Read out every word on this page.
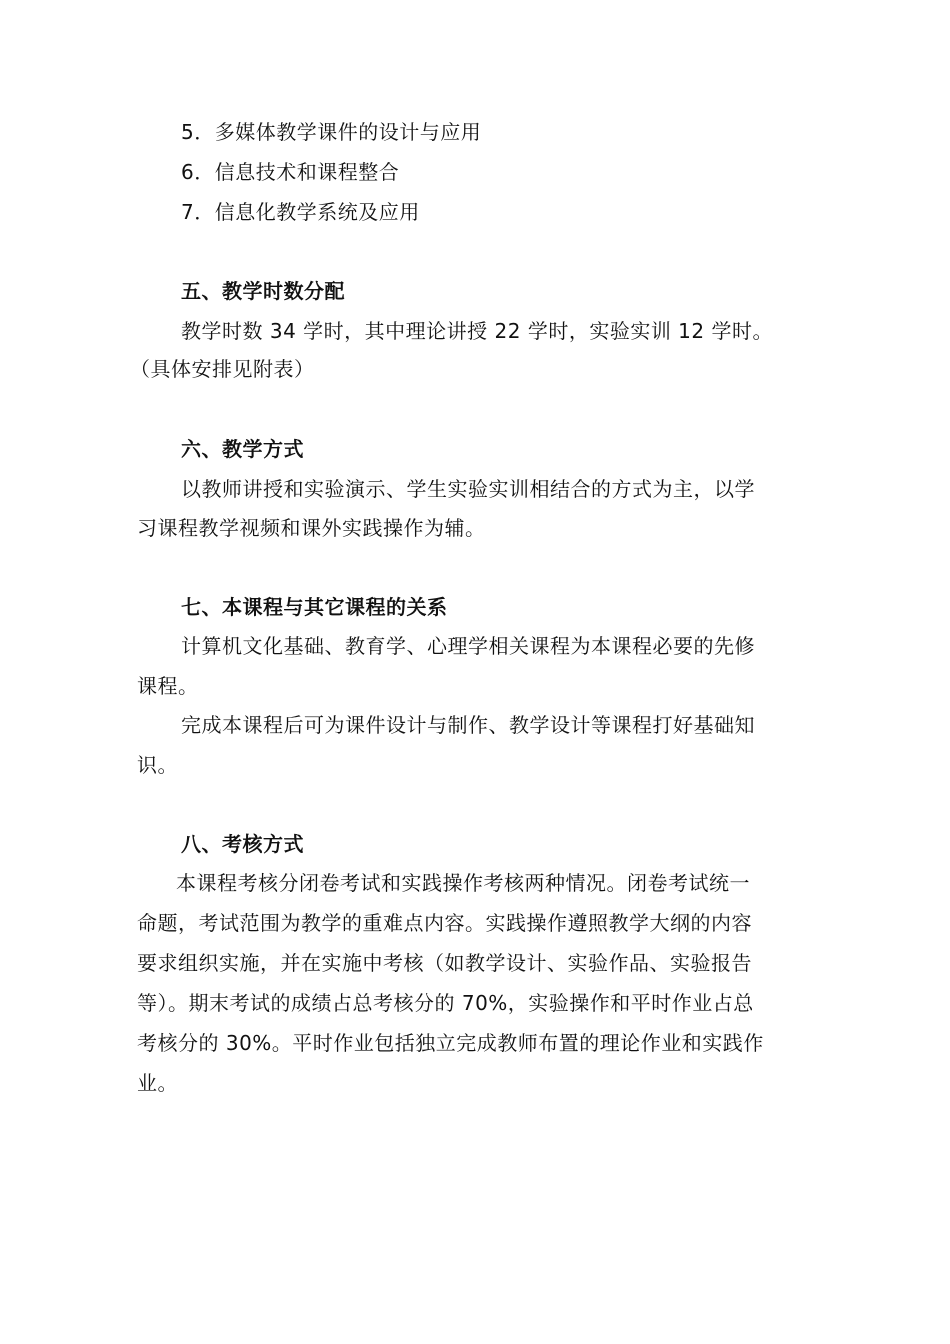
5．多媒体教学课件的设计与应用
6．信息技术和课程整合
7．信息化教学系统及应用
五、教学时数分配
教学时数 34 学时，其中理论讲授 22 学时，实验实训 12 学时。
（具体安排见附表）
六、教学方式
以教师讲授和实验演示、学生实验实训相结合的方式为主，以学
习课程教学视频和课外实践操作为辅。
七、本课程与其它课程的关系
计算机文化基础、教育学、心理学相关课程为本课程必要的先修
课程。
完成本课程后可为课件设计与制作、教学设计等课程打好基础知
识。
八、考核方式
本课程考核分闭卷考试和实践操作考核两种情况。闭卷考试统一
命题，考试范围为教学的重难点内容。实践操作遵照教学大纲的内容
要求组织实施，并在实施中考核（如教学设计、实验作品、实验报告
等）。期末考试的成绩占总考核分的 70%，实验操作和平时作业占总
考核分的 30%。平时作业包括独立完成教师布置的理论作业和实践作
业。
